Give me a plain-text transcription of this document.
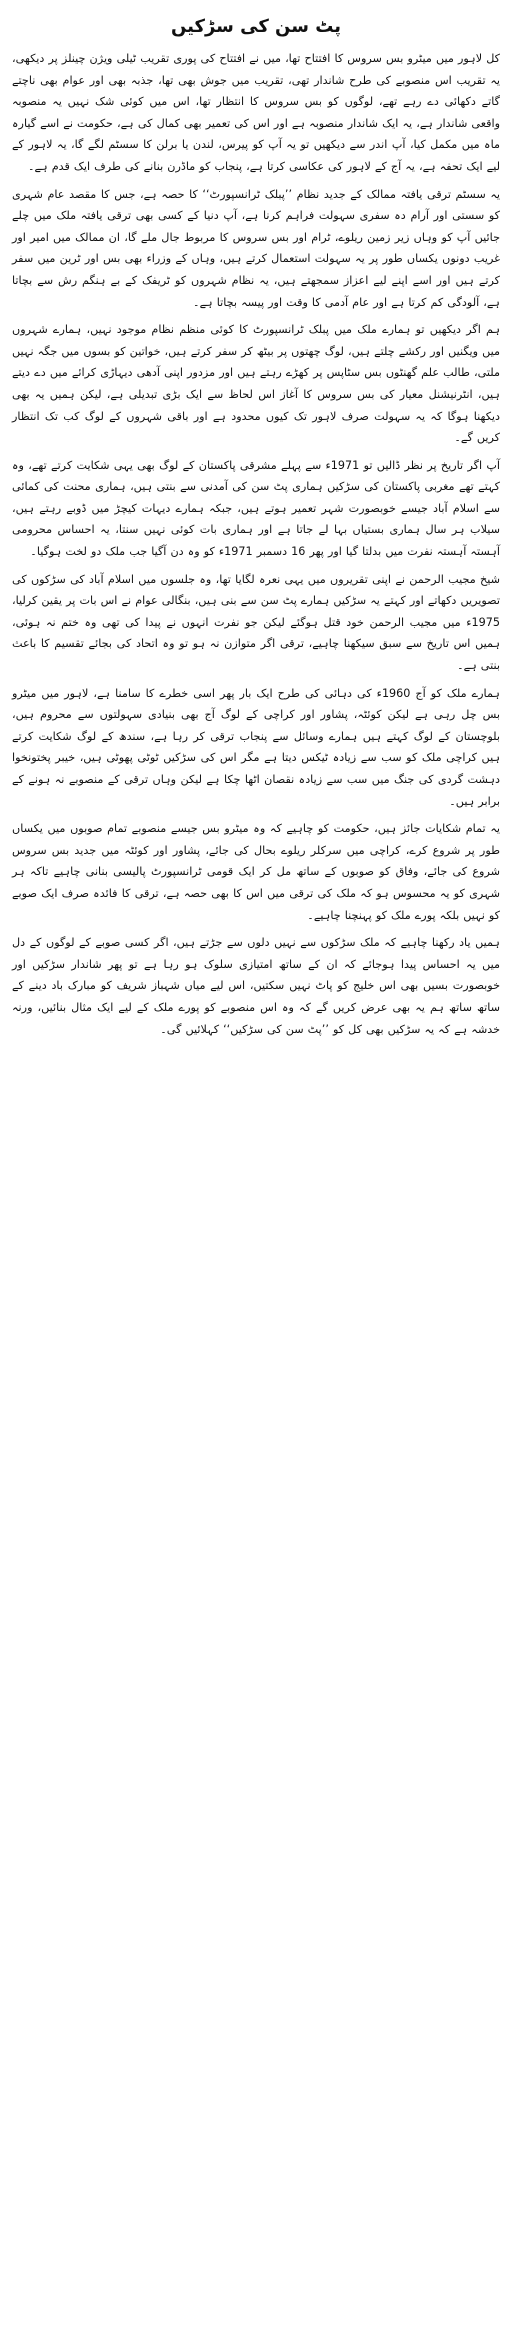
پٹ سن کی سڑکیں

کل لاہور میں میٹرو بس سروس کا افتتاح تھا، میں نے افتتاح کی پوری تقریب ٹیلی ویژن چینلز پر دیکھی، یہ تقریب اس منصوبے کی طرح شاندار تھی، تقریب میں جوش بھی تھا، جذبہ بھی اور عوام بھی ناچتے گاتے دکھائی دے رہے تھے، لوگوں کو بس سروس کا انتظار تھا، اس میں کوئی شک نہیں یہ منصوبہ واقعی شاندار ہے، یہ ایک شاندار منصوبہ ہے اور اس کی تعمیر بھی کمال کی ہے، حکومت نے اسے گیارہ ماہ میں مکمل کیا، آپ اندر سے دیکھیں تو یہ آپ کو پیرس، لندن یا برلن کا سسٹم لگے گا، یہ لاہور کے لیے ایک تحفہ ہے، یہ آج کے لاہور کی عکاسی کرتا ہے، پنجاب کو ماڈرن بنانے کی طرف ایک قدم ہے۔

یہ سسٹم ترقی یافتہ ممالک کے جدید نظام ’’پبلک ٹرانسپورٹ‘‘ کا حصہ ہے، جس کا مقصد عام شہری کو سستی اور آرام دہ سفری سہولت فراہم کرنا ہے، آپ دنیا کے کسی بھی ترقی یافتہ ملک میں چلے جائیں آپ کو وہاں زیر زمین ریلوے، ٹرام اور بس سروس کا مربوط جال ملے گا، ان ممالک میں امیر اور غریب دونوں یکساں طور پر یہ سہولت استعمال کرتے ہیں، وہاں کے وزراء بھی بس اور ٹرین میں سفر کرتے ہیں اور اسے اپنے لیے اعزاز سمجھتے ہیں، یہ نظام شہروں کو ٹریفک کے بے ہنگم رش سے بچاتا ہے، آلودگی کم کرتا ہے اور عام آدمی کا وقت اور پیسہ بچاتا ہے۔

ہم اگر دیکھیں تو ہمارے ملک میں پبلک ٹرانسپورٹ کا کوئی منظم نظام موجود نہیں، ہمارے شہروں میں ویگنیں اور رکشے چلتے ہیں، لوگ چھتوں پر بیٹھ کر سفر کرتے ہیں، خواتین کو بسوں میں جگہ نہیں ملتی، طالب علم گھنٹوں بس سٹاپس پر کھڑے رہتے ہیں اور مزدور اپنی آدھی دیہاڑی کرائے میں دے دیتے ہیں، انٹرنیشنل معیار کی بس سروس کا آغاز اس لحاظ سے ایک بڑی تبدیلی ہے، لیکن ہمیں یہ بھی دیکھنا ہوگا کہ یہ سہولت صرف لاہور تک کیوں محدود ہے اور باقی شہروں کے لوگ کب تک انتظار کریں گے۔

آپ اگر تاریخ پر نظر ڈالیں تو 1971ء سے پہلے مشرقی پاکستان کے لوگ بھی یہی شکایت کرتے تھے، وہ کہتے تھے مغربی پاکستان کی سڑکیں ہماری پٹ سن کی آمدنی سے بنتی ہیں، ہماری محنت کی کمائی سے اسلام آباد جیسے خوبصورت شہر تعمیر ہوتے ہیں، جبکہ ہمارے دیہات کیچڑ میں ڈوبے رہتے ہیں، سیلاب ہر سال ہماری بستیاں بہا لے جاتا ہے اور ہماری بات کوئی نہیں سنتا، یہ احساس محرومی آہستہ آہستہ نفرت میں بدلتا گیا اور پھر 16 دسمبر 1971ء کو وہ دن آگیا جب ملک دو لخت ہوگیا۔

شیخ مجیب الرحمن نے اپنی تقریروں میں یہی نعرہ لگایا تھا، وہ جلسوں میں اسلام آباد کی سڑکوں کی تصویریں دکھاتے اور کہتے یہ سڑکیں ہمارے پٹ سن سے بنی ہیں، بنگالی عوام نے اس بات پر یقین کرلیا، 1975ء میں مجیب الرحمن خود قتل ہوگئے لیکن جو نفرت انہوں نے پیدا کی تھی وہ ختم نہ ہوئی، ہمیں اس تاریخ سے سبق سیکھنا چاہیے، ترقی اگر متوازن نہ ہو تو وہ اتحاد کی بجائے تقسیم کا باعث بنتی ہے۔

ہمارے ملک کو آج 1960ء کی دہائی کی طرح ایک بار پھر اسی خطرے کا سامنا ہے، لاہور میں میٹرو بس چل رہی ہے لیکن کوئٹہ، پشاور اور کراچی کے لوگ آج بھی بنیادی سہولتوں سے محروم ہیں، بلوچستان کے لوگ کہتے ہیں ہمارے وسائل سے پنجاب ترقی کر رہا ہے، سندھ کے لوگ شکایت کرتے ہیں کراچی ملک کو سب سے زیادہ ٹیکس دیتا ہے مگر اس کی سڑکیں ٹوٹی پھوٹی ہیں، خیبر پختونخوا دہشت گردی کی جنگ میں سب سے زیادہ نقصان اٹھا چکا ہے لیکن وہاں ترقی کے منصوبے نہ ہونے کے برابر ہیں۔

یہ تمام شکایات جائز ہیں، حکومت کو چاہیے کہ وہ میٹرو بس جیسے منصوبے تمام صوبوں میں یکساں طور پر شروع کرے، کراچی میں سرکلر ریلوے بحال کی جائے، پشاور اور کوئٹہ میں جدید بس سروس شروع کی جائے، وفاق کو صوبوں کے ساتھ مل کر ایک قومی ٹرانسپورٹ پالیسی بنانی چاہیے تاکہ ہر شہری کو یہ محسوس ہو کہ ملک کی ترقی میں اس کا بھی حصہ ہے، ترقی کا فائدہ صرف ایک صوبے کو نہیں بلکہ پورے ملک کو پہنچنا چاہیے۔

ہمیں یاد رکھنا چاہیے کہ ملک سڑکوں سے نہیں دلوں سے جڑتے ہیں، اگر کسی صوبے کے لوگوں کے دل میں یہ احساس پیدا ہوجائے کہ ان کے ساتھ امتیازی سلوک ہو رہا ہے تو پھر شاندار سڑکیں اور خوبصورت بسیں بھی اس خلیج کو پاٹ نہیں سکتیں، اس لیے میاں شہباز شریف کو مبارک باد دینے کے ساتھ ساتھ ہم یہ بھی عرض کریں گے کہ وہ اس منصوبے کو پورے ملک کے لیے ایک مثال بنائیں، ورنہ خدشہ ہے کہ یہ سڑکیں بھی کل کو ’’پٹ سن کی سڑکیں‘‘ کہلائیں گی۔
